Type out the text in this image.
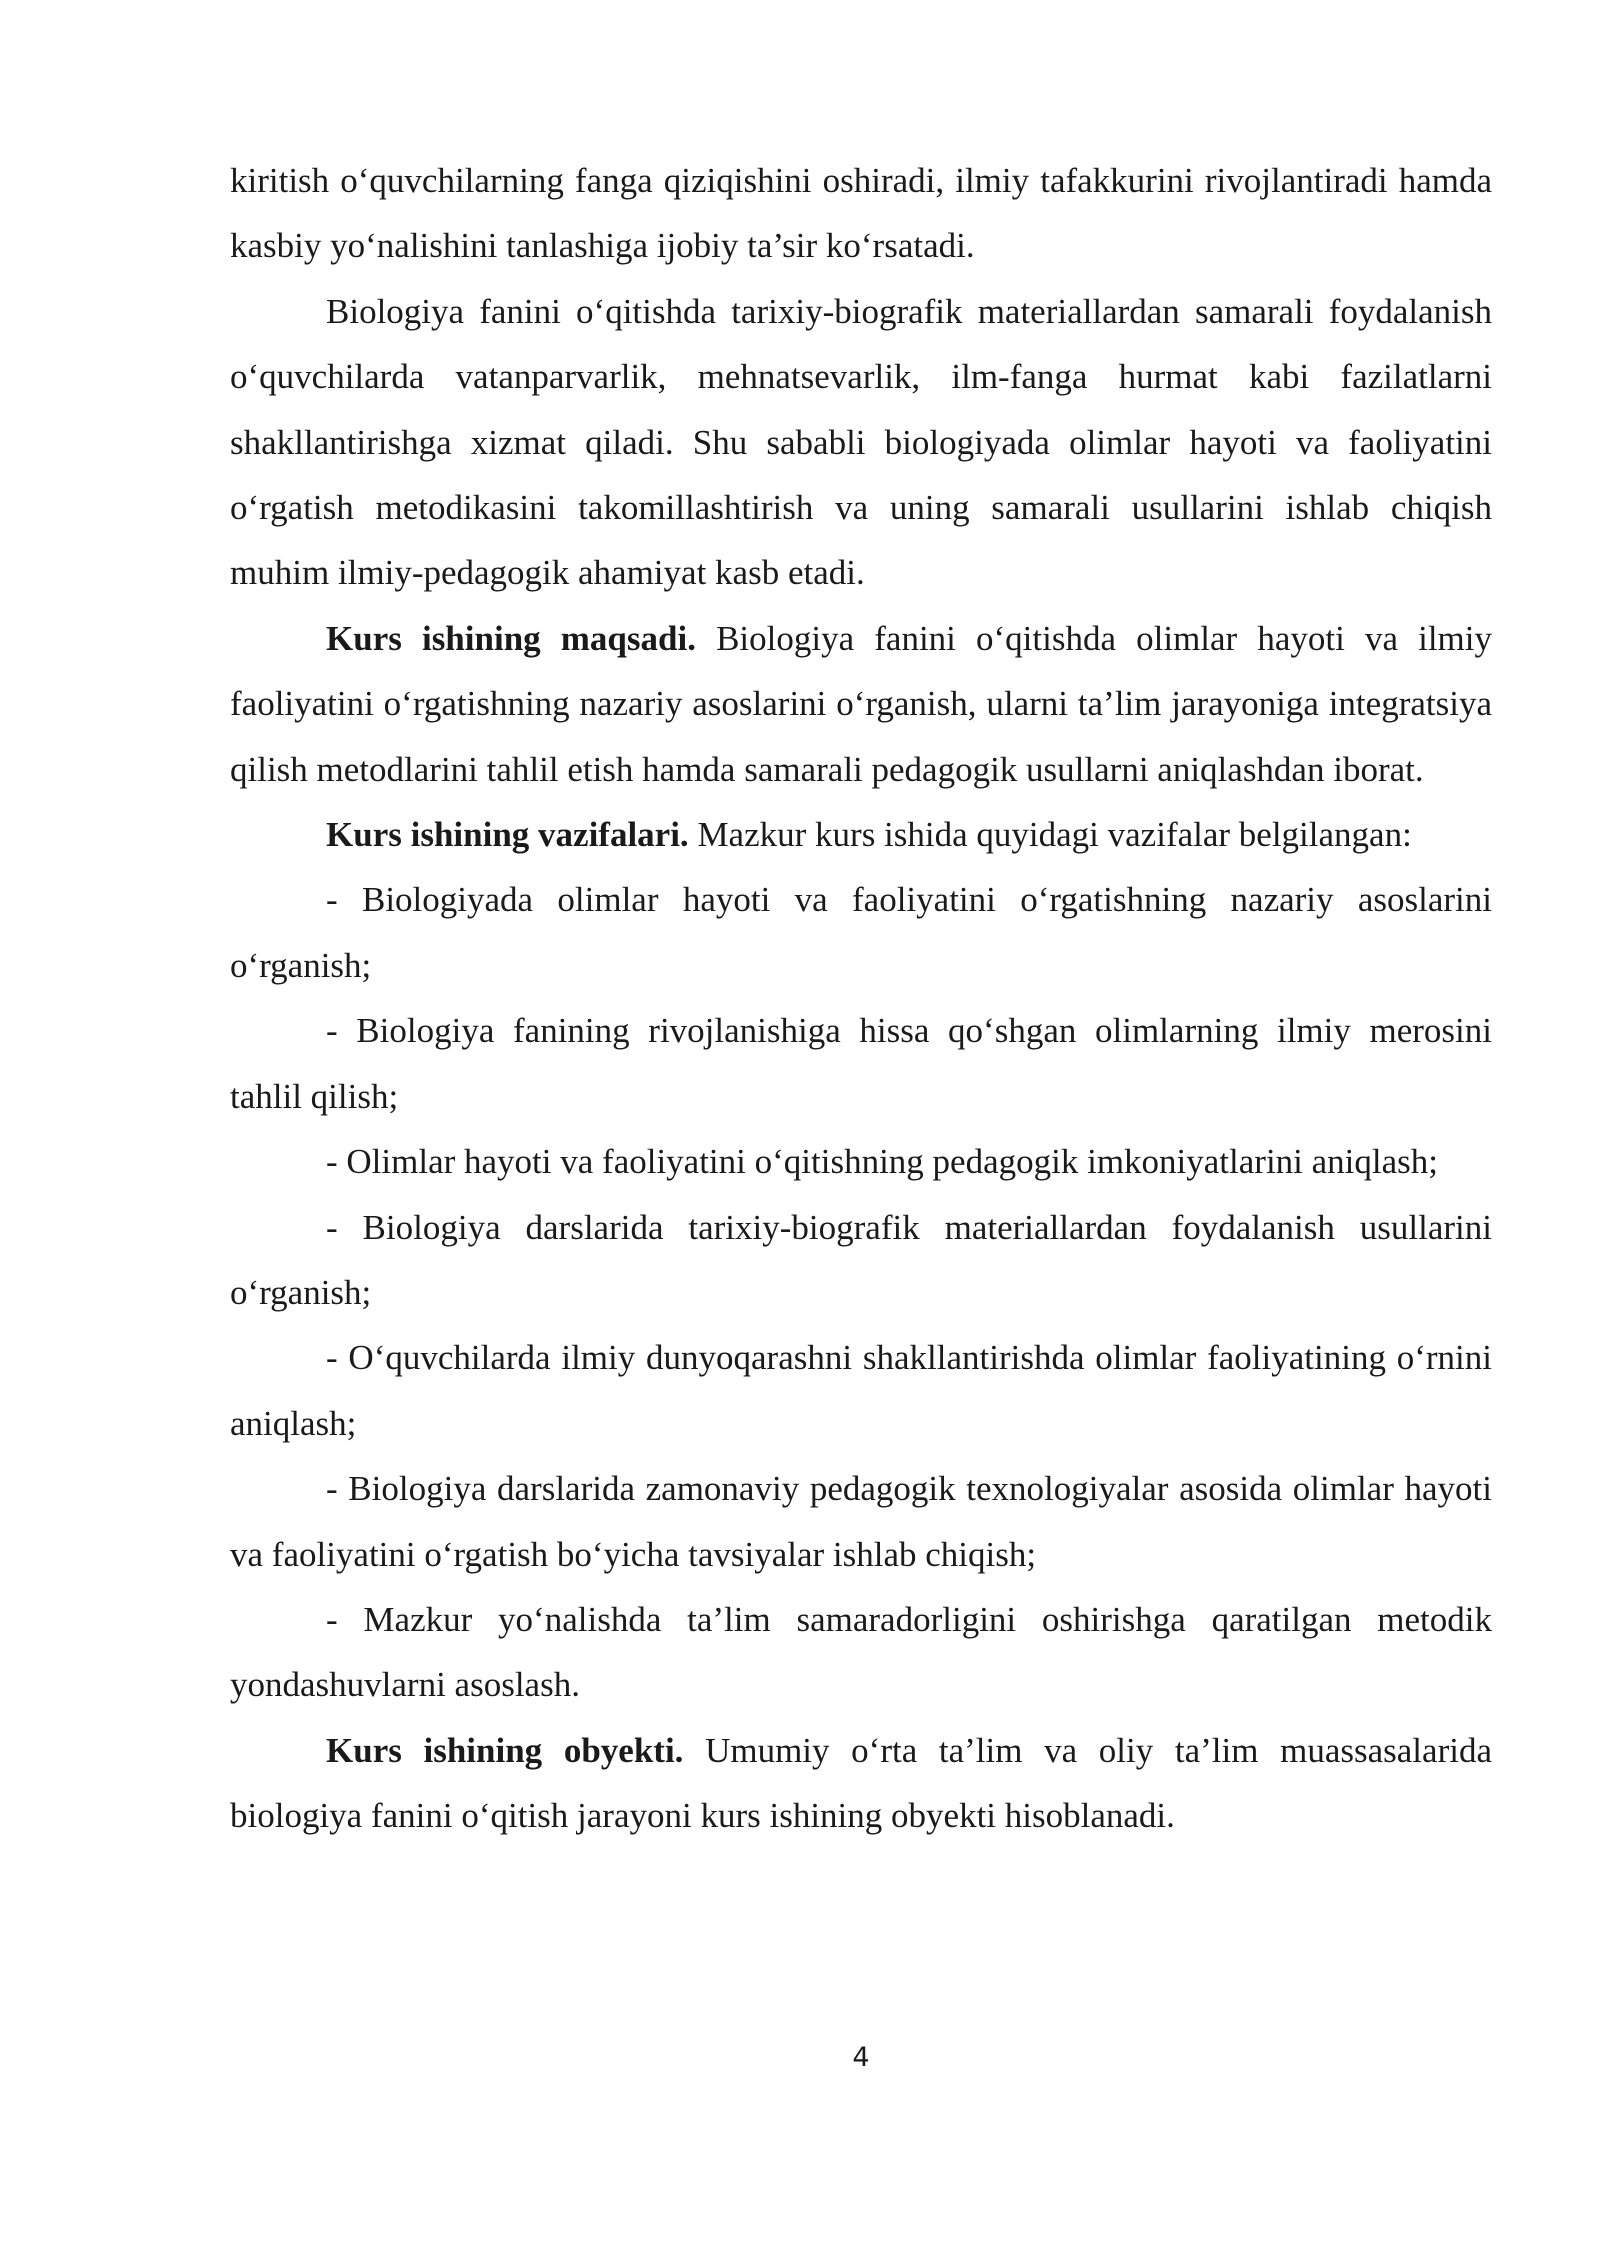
kiritish o‘quvchilarning fanga qiziqishini oshiradi, ilmiy tafakkurini rivojlantiradi hamda kasbiy yo‘nalishini tanlashiga ijobiy ta’sir ko‘rsatadi.

Biologiya fanini o‘qitishda tarixiy-biografik materiallardan samarali foydalanish o‘quvchilarda vatanparvarlik, mehnatsevarlik, ilm-fanga hurmat kabi fazilatlarni shakllantirishga xizmat qiladi. Shu sababli biologiyada olimlar hayoti va faoliyatini o‘rgatish metodikasini takomillashtirish va uning samarali usullarini ishlab chiqish muhim ilmiy-pedagogik ahamiyat kasb etadi.

Kurs ishining maqsadi. Biologiya fanini o‘qitishda olimlar hayoti va ilmiy faoliyatini o‘rgatishning nazariy asoslarini o‘rganish, ularni ta’lim jarayoniga integratsiya qilish metodlarini tahlil etish hamda samarali pedagogik usullarni aniqlashdan iborat.

Kurs ishining vazifalari. Mazkur kurs ishida quyidagi vazifalar belgilangan:

- Biologiyada olimlar hayoti va faoliyatini o‘rgatishning nazariy asoslarini o‘rganish;

- Biologiya fanining rivojlanishiga hissa qo‘shgan olimlarning ilmiy merosini tahlil qilish;

- Olimlar hayoti va faoliyatini o‘qitishning pedagogik imkoniyatlarini aniqlash;

- Biologiya darslarida tarixiy-biografik materiallardan foydalanish usullarini o‘rganish;

- O‘quvchilarda ilmiy dunyoqarashni shakllantirishda olimlar faoliyatining o‘rnini aniqlash;

- Biologiya darslarida zamonaviy pedagogik texnologiyalar asosida olimlar hayoti va faoliyatini o‘rgatish bo‘yicha tavsiyalar ishlab chiqish;

- Mazkur yo‘nalishda ta’lim samaradorligini oshirishga qaratilgan metodik yondashuvlarni asoslash.

Kurs ishining obyekti. Umumiy o‘rta ta’lim va oliy ta’lim muassasalarida biologiya fanini o‘qitish jarayoni kurs ishining obyekti hisoblanadi.

4
